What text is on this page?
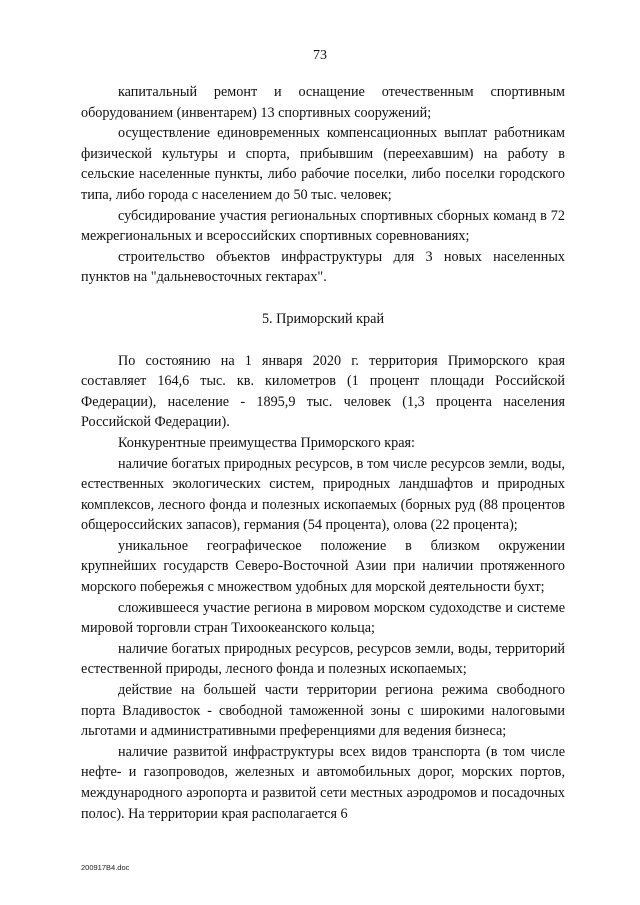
73

капитальный ремонт и оснащение отечественным спортивным оборудованием (инвентарем) 13 спортивных сооружений;

осуществление единовременных компенсационных выплат работникам физической культуры и спорта, прибывшим (переехавшим) на работу в сельские населенные пункты, либо рабочие поселки, либо поселки городского типа, либо города с населением до 50 тыс. человек;

субсидирование участия региональных спортивных сборных команд в 72 межрегиональных и всероссийских спортивных соревнованиях;

строительство объектов инфраструктуры для 3 новых населенных пунктов на "дальневосточных гектарах".

5. Приморский край

По состоянию на 1 января 2020 г. территория Приморского края составляет 164,6 тыс. кв. километров (1 процент площади Российской Федерации), население - 1895,9 тыс. человек (1,3 процента населения Российской Федерации).

Конкурентные преимущества Приморского края:

наличие богатых природных ресурсов, в том числе ресурсов земли, воды, естественных экологических систем, природных ландшафтов и природных комплексов, лесного фонда и полезных ископаемых (борных руд (88 процентов общероссийских запасов), германия (54 процента), олова (22 процента);

уникальное географическое положение в близком окружении крупнейших государств Северо-Восточной Азии при наличии протяженного морского побережья с множеством удобных для морской деятельности бухт;

сложившееся участие региона в мировом морском судоходстве и системе мировой торговли стран Тихоокеанского кольца;

наличие богатых природных ресурсов, ресурсов земли, воды, территорий естественной природы, лесного фонда и полезных ископаемых;

действие на большей части территории региона режима свободного порта Владивосток - свободной таможенной зоны с широкими налоговыми льготами и административными преференциями для ведения бизнеса;

наличие развитой инфраструктуры всех видов транспорта (в том числе нефте- и газопроводов, железных и автомобильных дорог, морских портов, международного аэропорта и развитой сети местных аэродромов и посадочных полос). На территории края располагается 6

200917В4.doc
